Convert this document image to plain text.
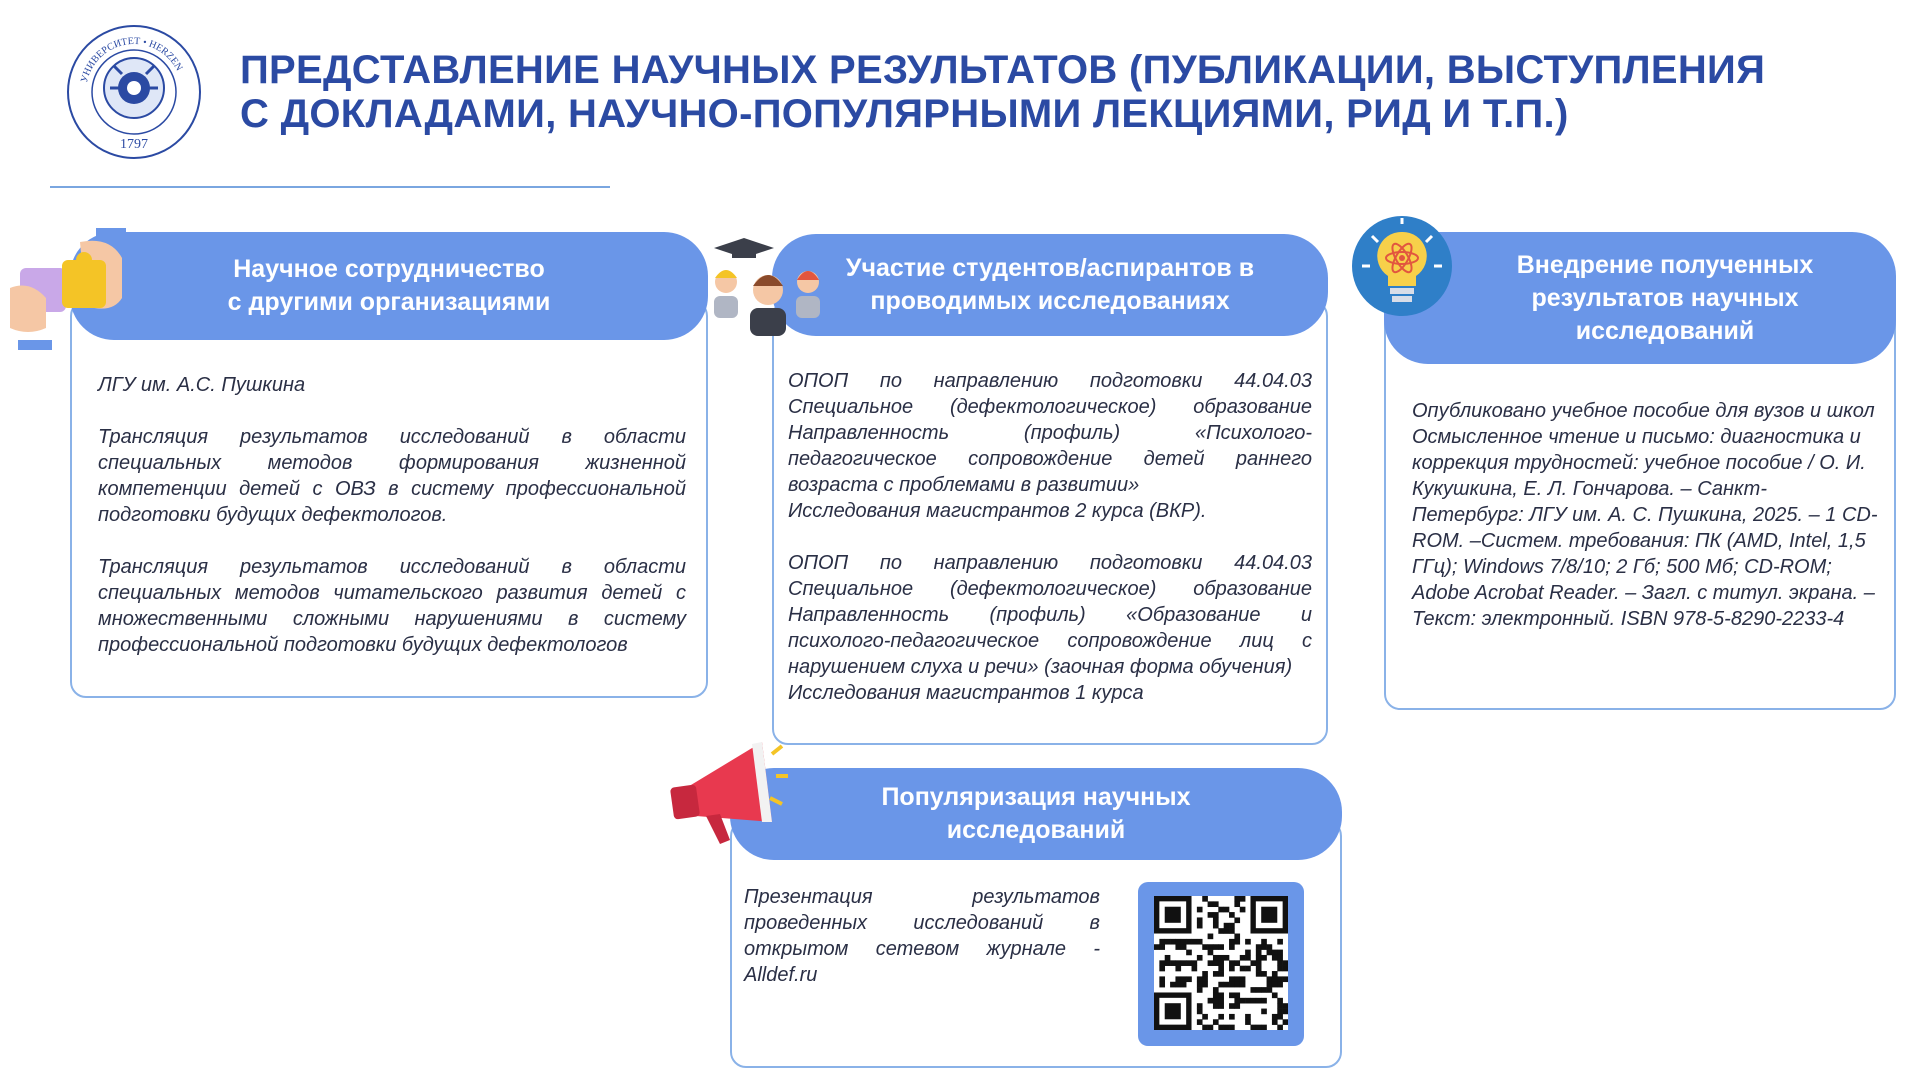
УНИВЕРСИТЕТ • HERZEN
1797
ПРЕДСТАВЛЕНИЕ НАУЧНЫХ РЕЗУЛЬТАТОВ (ПУБЛИКАЦИИ, ВЫСТУПЛЕНИЯ
С ДОКЛАДАМИ, НАУЧНО-ПОПУЛЯРНЫМИ ЛЕКЦИЯМИ, РИД И Т.П.)
Научное сотрудничество
с другими организациями

ЛГУ им. А.С. Пушкина

Трансляция результатов исследований в области специальных методов формирования жизненной компетенции детей с ОВЗ в систему профессиональной подготовки будущих дефектологов.

Трансляция результатов исследований в области специальных методов читательского развития детей с множественными сложными нарушениями в систему профессиональной подготовки будущих дефектологов

Участие студентов/аспирантов в
проводимых исследованиях

ОПОП по направлению подготовки 44.04.03 Специальное (дефектологическое) образование Направленность (профиль) «Психолого-педагогическое сопровождение детей раннего возраста с проблемами в развитии»

Исследования магистрантов 2 курса (ВКР).

ОПОП по направлению подготовки 44.04.03 Специальное (дефектологическое) образование Направленность (профиль) «Образование и психолого-педагогическое сопровождение лиц с нарушением слуха и речи» (заочная форма обучения)

Исследования магистрантов 1 курса

Внедрение полученных
результатов научных
исследований

Опубликовано учебное пособие для вузов и школ

Осмысленное чтение и письмо: диагностика и коррекция трудностей: учебное пособие / О. И. Кукушкина, Е. Л. Гончарова. – Санкт-Петербург: ЛГУ им. А. С. Пушкина, 2025. – 1 CD-ROM. –Систем. требования: ПК (AMD, Intel, 1,5 ГГц); Windows 7/8/10; 2 Гб; 500 Мб; CD-ROM; Adobe Acrobat Reader. – Загл. с титул. экрана. – Текст: электронный. ISBN 978-5-8290-2233-4

Популяризация научных
исследований

Презентация результатов проведенных исследований в открытом сетевом журнале - Alldef.ru
